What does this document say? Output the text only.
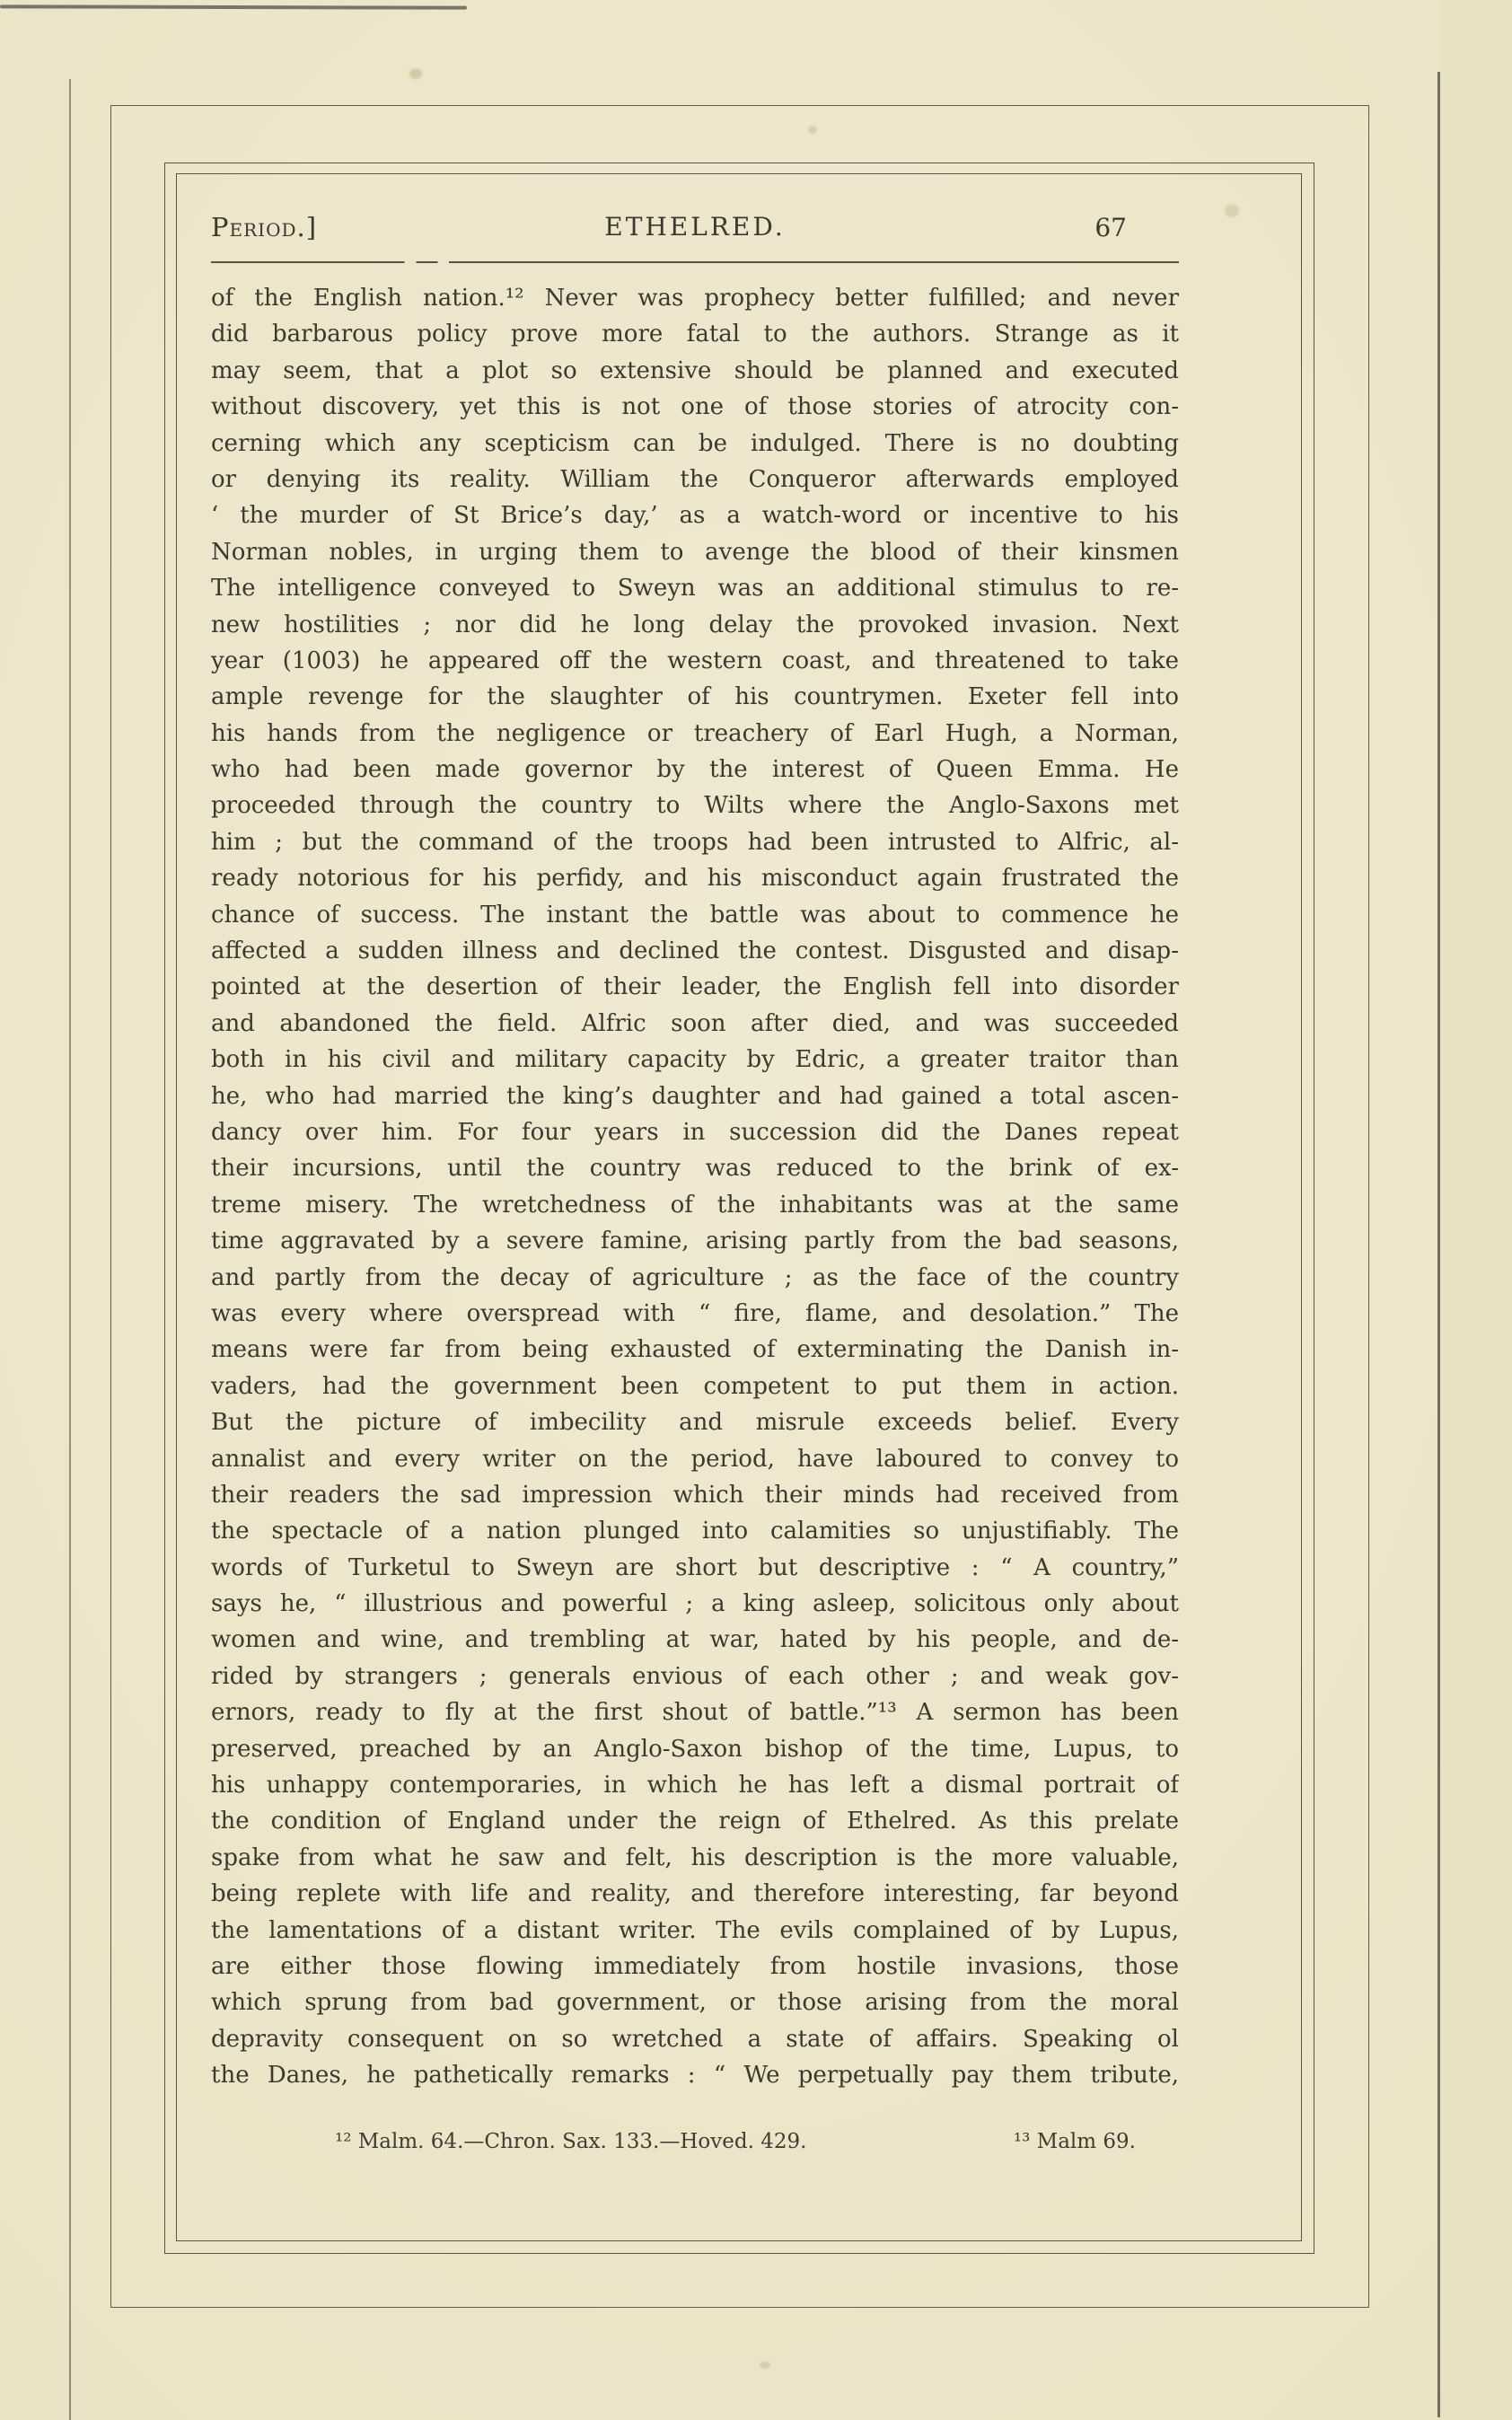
Period.]	ETHELRED.	67
of the English nation.¹² Never was prophecy better fulfilled; and never
did barbarous policy prove more fatal to the authors. Strange as it
may seem, that a plot so extensive should be planned and executed
without discovery, yet this is not one of those stories of atrocity con-
cerning which any scepticism can be indulged. There is no doubting
or denying its reality. William the Conqueror afterwards employed
‘ the murder of St Brice’s day,’ as a watch-word or incentive to his
Norman nobles, in urging them to avenge the blood of their kinsmen
The intelligence conveyed to Sweyn was an additional stimulus to re-
new hostilities ; nor did he long delay the provoked invasion. Next
year (1003) he appeared off the western coast, and threatened to take
ample revenge for the slaughter of his countrymen. Exeter fell into
his hands from the negligence or treachery of Earl Hugh, a Norman,
who had been made governor by the interest of Queen Emma. He
proceeded through the country to Wilts where the Anglo-Saxons met
him ; but the command of the troops had been intrusted to Alfric, al-
ready notorious for his perfidy, and his misconduct again frustrated the
chance of success. The instant the battle was about to commence he
affected a sudden illness and declined the contest. Disgusted and disap-
pointed at the desertion of their leader, the English fell into disorder
and abandoned the field. Alfric soon after died, and was succeeded
both in his civil and military capacity by Edric, a greater traitor than
he, who had married the king’s daughter and had gained a total ascen-
dancy over him. For four years in succession did the Danes repeat
their incursions, until the country was reduced to the brink of ex-
treme misery. The wretchedness of the inhabitants was at the same
time aggravated by a severe famine, arising partly from the bad seasons,
and partly from the decay of agriculture ; as the face of the country
was every where overspread with “ fire, flame, and desolation.” The
means were far from being exhausted of exterminating the Danish in-
vaders, had the government been competent to put them in action.
But the picture of imbecility and misrule exceeds belief. Every
annalist and every writer on the period, have laboured to convey to
their readers the sad impression which their minds had received from
the spectacle of a nation plunged into calamities so unjustifiably. The
words of Turketul to Sweyn are short but descriptive : “ A country,”
says he, “ illustrious and powerful ; a king asleep, solicitous only about
women and wine, and trembling at war, hated by his people, and de-
rided by strangers ; generals envious of each other ; and weak gov-
ernors, ready to fly at the first shout of battle.”¹³ A sermon has been
preserved, preached by an Anglo-Saxon bishop of the time, Lupus, to
his unhappy contemporaries, in which he has left a dismal portrait of
the condition of England under the reign of Ethelred. As this prelate
spake from what he saw and felt, his description is the more valuable,
being replete with life and reality, and therefore interesting, far beyond
the lamentations of a distant writer. The evils complained of by Lupus,
are either those flowing immediately from hostile invasions, those
which sprung from bad government, or those arising from the moral
depravity consequent on so wretched a state of affairs. Speaking ol
the Danes, he pathetically remarks : “ We perpetually pay them tribute,
¹² Malm. 64.—Chron. Sax. 133.—Hoved. 429.	¹³ Malm 69.
